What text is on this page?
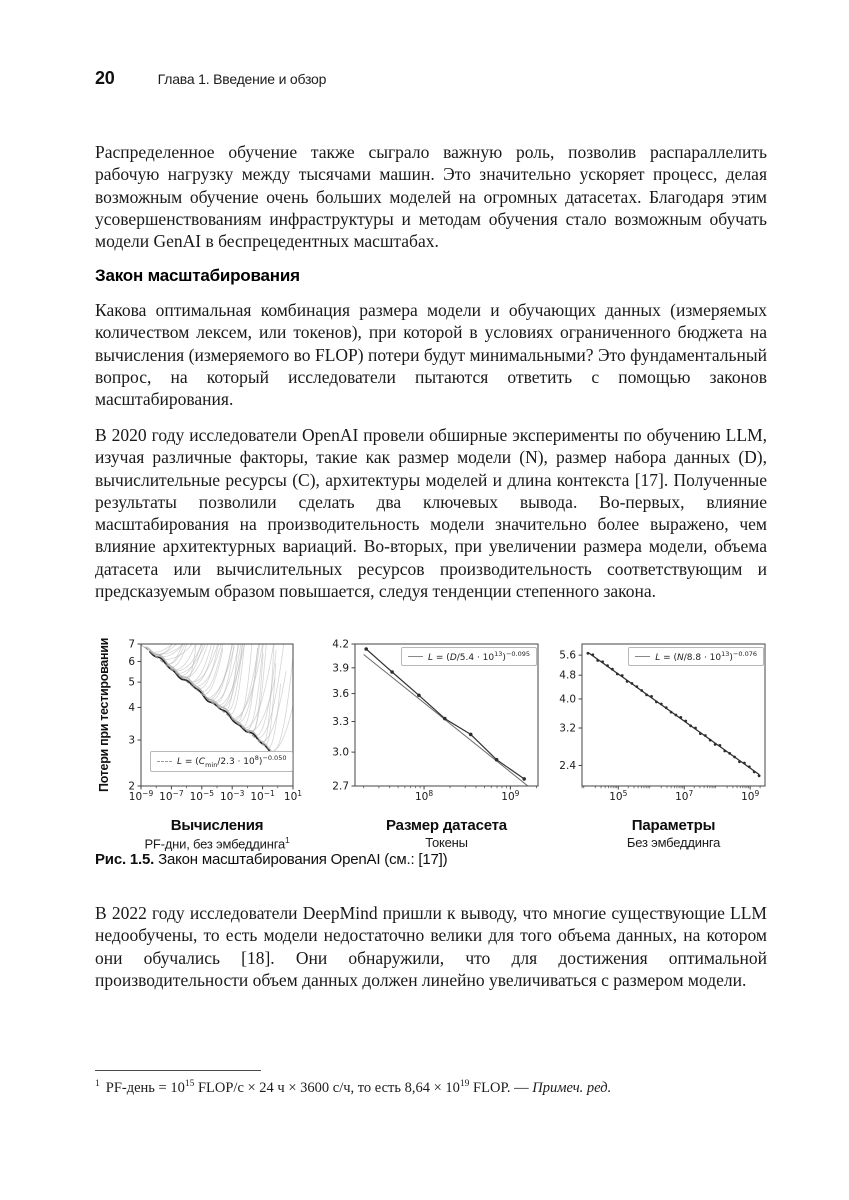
20	Глава 1. Введение и обзор

Распределенное обучение также сыграло важную роль, позволив распараллелить рабочую нагрузку между тысячами машин. Это значительно ускоряет процесс, делая возможным обучение очень больших моделей на огромных датасетах. Благодаря этим усовершенствованиям инфраструктуры и методам обучения стало возможным обучать модели GenAI в беспрецедентных масштабах.

Закон масштабирования

Какова оптимальная комбинация размера модели и обучающих данных (измеряемых количеством лексем, или токенов), при которой в условиях ограниченного бюджета на вычисления (измеряемого во FLOP) потери будут минимальными? Это фундаментальный вопрос, на который исследователи пытаются ответить с помощью законов масштабирования.

В 2020 году исследователи OpenAI провели обширные эксперименты по обучению LLM, изучая различные факторы, такие как размер модели (N), размер набора данных (D), вычислительные ресурсы (C), архитектуры моделей и длина контекста [17]. Полученные результаты позволили сделать два ключевых вывода. Во-первых, влияние масштабирования на производительность модели значительно более выражено, чем влияние архитектурных вариаций. Во-вторых, при увеличении размера модели, объема датасета или вычислительных ресурсов производительность соответствующим и предсказуемым образом повышается, следуя тенденции степенного закона.

$10^{-9}$ $10^{-7}$ $10^{-5}$ $10^{-3}$ $10^{-1}$ $10^1$
7
6
5
4
3
2
Потери при тестировании	$L = (C_{min}/2.3 \cdot 10^8)^{-0.050}$
Вычисления
PF-дни, без эмбеддинга$^1$
$10^8$	$10^9$
4.2
3.9
3.6
3.3
3.0
2.7
$L = (D/5.4 \cdot 10^{13})^{-0.095}$
Размер датасета
Токены
$10^5$	$10^7$	$10^9$
5.6
4.8
4.0
3.2
2.4
$L = (N/8.8 \cdot 10^{13})^{-0.076}$
Параметры
Без эмбеддинга
Рис. 1.5. Закон масштабирования OpenAI (см.: [17])

В 2022 году исследователи DeepMind пришли к выводу, что многие существующие LLM недообучены, то есть модели недостаточно велики для того объема данных, на котором они обучались [18]. Они обнаружили, что для достижения оптимальной производительности объем данных должен линейно увеличиваться с размером модели.

$^1$ PF-день = $10^{15}$ FLOP/с × 24 ч × 3600 с/ч, то есть $8,64 \times 10^{19}$ FLOP. — Примеч. ред.
